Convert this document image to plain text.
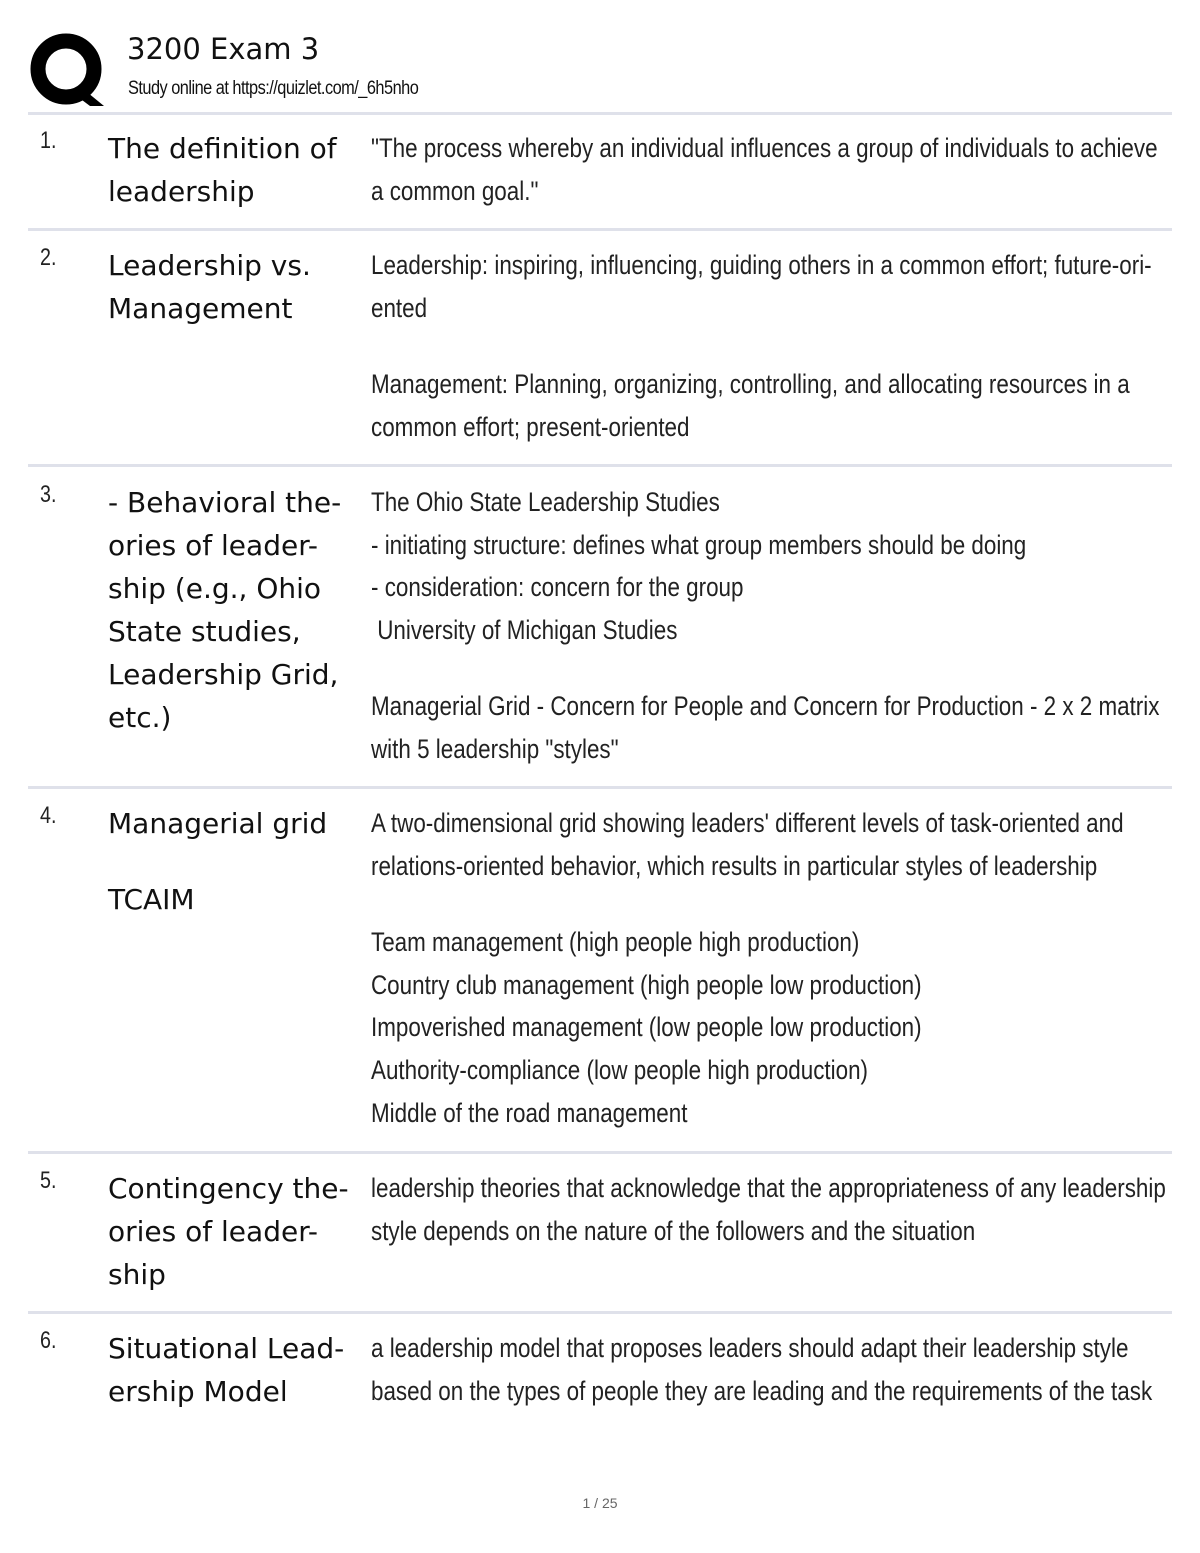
3200 Exam 3
Study online at https://quizlet.com/_6h5nho
1. The definition of
leadership
"The process whereby an individual influences a group of individuals to achieve
a common goal."
2. Leadership vs.
Management
Leadership: inspiring, influencing, guiding others in a common effort; future-ori-
ented
Management: Planning, organizing, controlling, and allocating resources in a
common effort; present-oriented
3. - Behavioral the-
ories of leader-
ship (e.g., Ohio
State studies,
Leadership Grid,
etc.)
The Ohio State Leadership Studies
- initiating structure: defines what group members should be doing
- consideration: concern for the group
University of Michigan Studies
Managerial Grid - Concern for People and Concern for Production - 2 x 2 matrix
with 5 leadership "styles"
4. Managerial grid
TCAIM
A two-dimensional grid showing leaders' different levels of task-oriented and
relations-oriented behavior, which results in particular styles of leadership
Team management (high people high production)
Country club management (high people low production)
Impoverished management (low people low production)
Authority-compliance (low people high production)
Middle of the road management
5. Contingency the-
ories of leader-
ship
leadership theories that acknowledge that the appropriateness of any leadership
style depends on the nature of the followers and the situation
6. Situational Lead-
ership Model
a leadership model that proposes leaders should adapt their leadership style
based on the types of people they are leading and the requirements of the task
1 / 25
